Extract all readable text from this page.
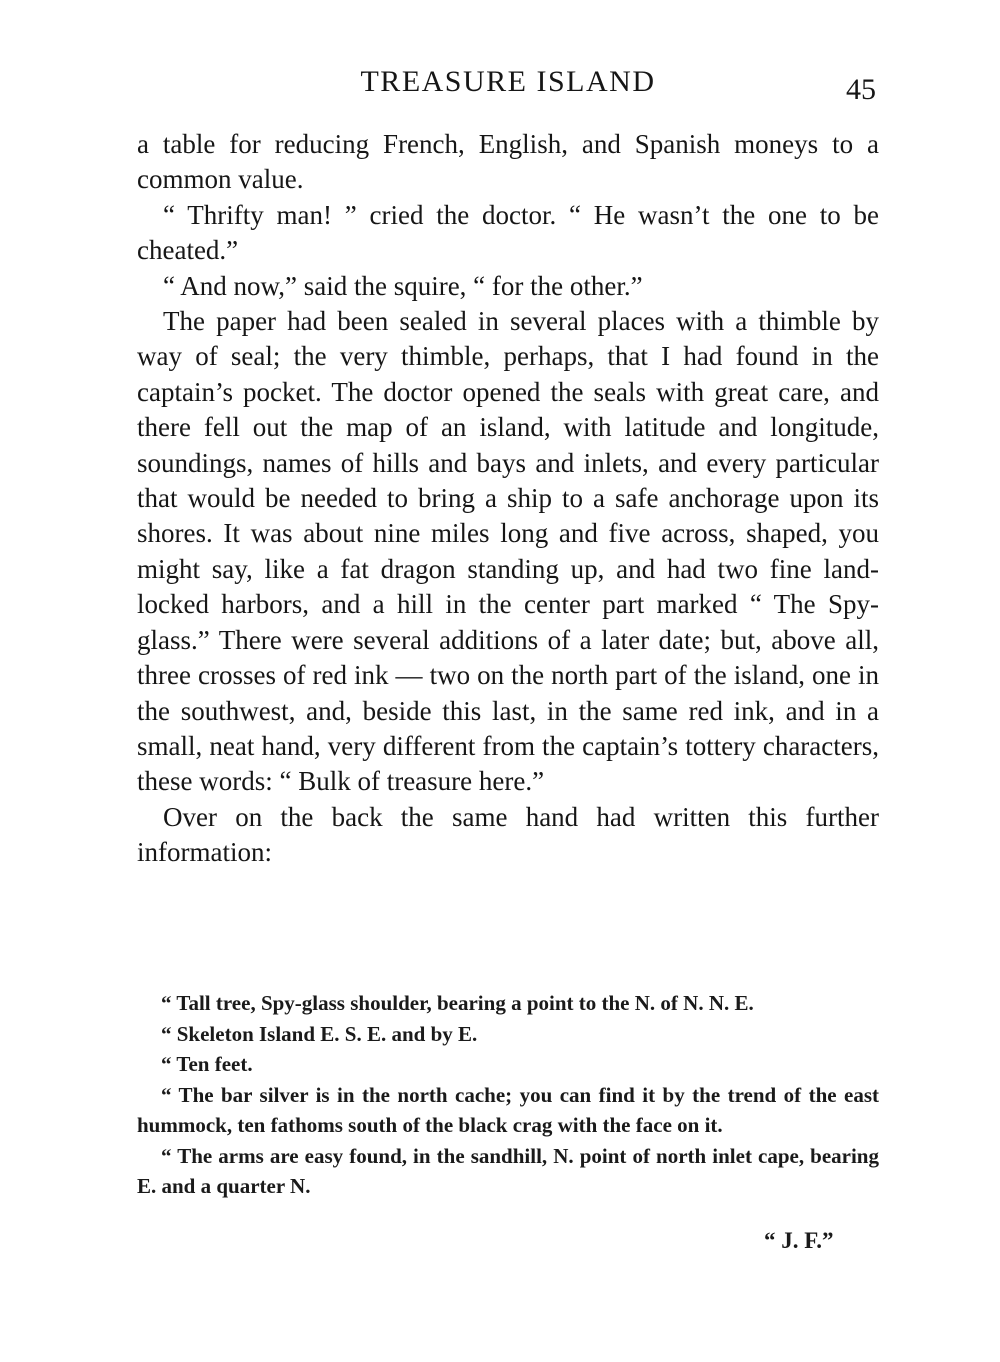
TREASURE ISLAND	45

a table for reducing French, English, and Spanish moneys to a common value.

“ Thrifty man! ” cried the doctor. “ He wasn’t the one to be cheated.”

“ And now,” said the squire, “ for the other.”

The paper had been sealed in several places with a thimble by way of seal; the very thimble, perhaps, that I had found in the captain’s pocket. The doctor opened the seals with great care, and there fell out the map of an island, with latitude and longitude, soundings, names of hills and bays and inlets, and every particular that would be needed to bring a ship to a safe anchorage upon its shores. It was about nine miles long and five across, shaped, you might say, like a fat dragon standing up, and had two fine land-locked harbors, and a hill in the center part marked “ The Spy-glass.” There were several additions of a later date; but, above all, three crosses of red ink — two on the north part of the island, one in the southwest, and, beside this last, in the same red ink, and in a small, neat hand, very different from the captain’s tottery characters, these words: “ Bulk of treasure here.”

Over on the back the same hand had written this further information:

“ Tall tree, Spy-glass shoulder, bearing a point to the N. of N. N. E.

“ Skeleton Island E. S. E. and by E.

“ Ten feet.

“ The bar silver is in the north cache; you can find it by the trend of the east hummock, ten fathoms south of the black crag with the face on it.

“ The arms are easy found, in the sandhill, N. point of north inlet cape, bearing E. and a quarter N.

“ J. F.”
